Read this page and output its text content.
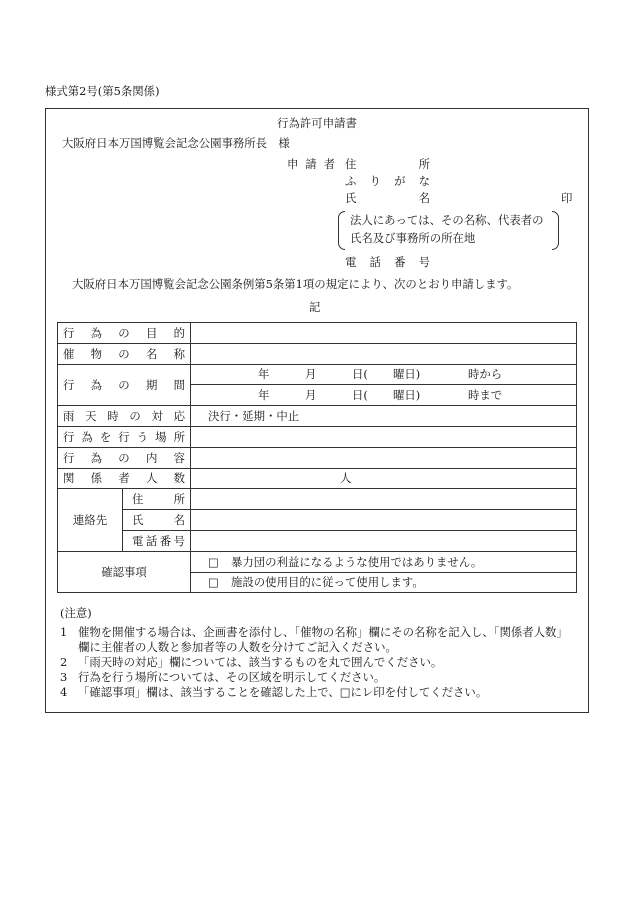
様式第2号(第5条関係)
行為許可申請書
大阪府日本万国博覧会記念公園事務所長　様
申請者 住所
ふりがな
氏名	印
法人にあっては、その名称、代表者の
氏名及び事務所の所在地
電話番号
大阪府日本万国博覧会記念公園条例第5条第1項の規定により、次のとおり申請します。
記
行為の目的		

催物の名称		

行為の期間		年 月 日( 曜日) 時から

		年 月 日( 曜日) 時まで

雨天時の対応		決行・延期・中止

行為を行う場所		

行為の内容		

関係者人数		人

連絡先	住所	

	氏名	

	電話番号	

確認事項		□ 暴力団の利益になるような使用ではありません。

		□ 施設の使用目的に従って使用します。
(注意)
1 催物を開催する場合は、企画書を添付し、「催物の名称」欄にその名称を記入し、「関係者人数」
欄に主催者の人数と参加者等の人数を分けてご記入ください。
2 「雨天時の対応」欄については、該当するものを丸で囲んでください。
3 行為を行う場所については、その区域を明示してください。
4 「確認事項」欄は、該当することを確認した上で、□にレ印を付してください。
